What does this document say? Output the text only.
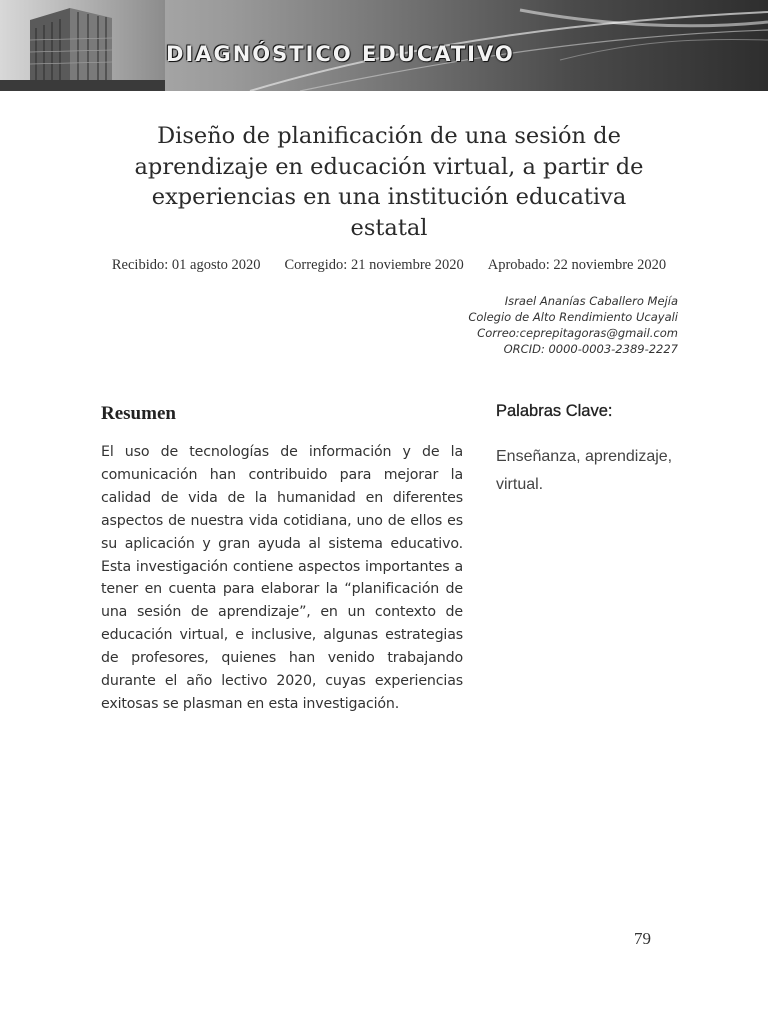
DIAGNÓSTICO EDUCATIVO
Diseño de planificación de una sesión de aprendizaje en educación virtual, a partir de experiencias en una institución educativa estatal
Recibido: 01 agosto 2020 Corregido: 21 noviembre 2020 Aprobado: 22 noviembre 2020
Israel Ananías Caballero Mejía
Colegio de Alto Rendimiento Ucayali
Correo:ceprepitagoras@gmail.com
ORCID: 0000-0003-2389-2227
Resumen

El uso de tecnologías de información y de la comunicación han contribuido para mejorar la calidad de vida de la humanidad en diferentes aspectos de nuestra vida cotidiana, uno de ellos es su aplicación y gran ayuda al sistema educativo. Esta investigación contiene aspectos importantes a tener en cuenta para elaborar la “planificación de una sesión de aprendizaje”, en un contexto de educación virtual, e inclusive, algunas estrategias de profesores, quienes han venido trabajando durante el año lectivo 2020, cuyas experiencias exitosas se plasman en esta investigación.

Palabras Clave:

Enseñanza, aprendizaje, virtual.

79
